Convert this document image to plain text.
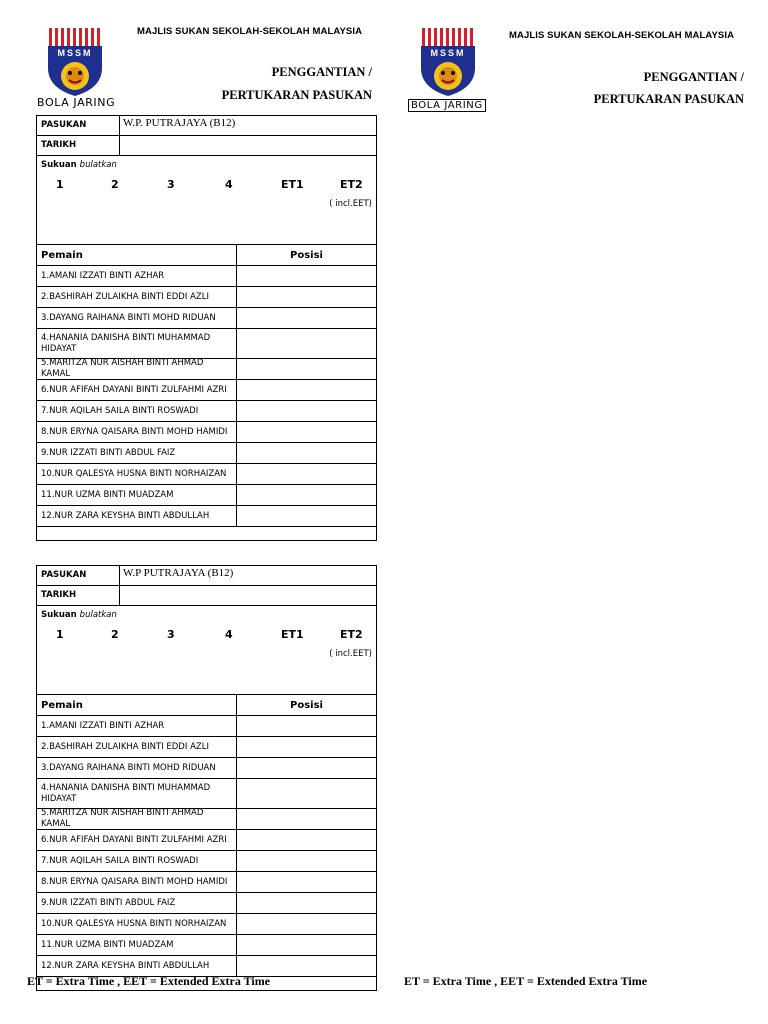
MSSM
BOLA JARING
MAJLIS SUKAN SEKOLAH-SEKOLAH MALAYSIA
PENGGANTIAN /
PERTUKARAN PASUKAN
MSSM
BOLA JARING
MAJLIS SUKAN SEKOLAH-SEKOLAH MALAYSIA
PENGGANTIAN /
PERTUKARAN PASUKAN
PASUKAN	W.P. PUTRAJAYA (B12)
TARIKH
Sukuan bulatkan
1	2	3	4	ET1	ET2
( incl.EET)
Pemain	Posisi
1.AMANI IZZATI BINTI AZHAR
2.BASHIRAH ZULAIKHA BINTI EDDI AZLI
3.DAYANG RAIHANA BINTI MOHD RIDUAN
4.HANANIA DANISHA BINTI MUHAMMAD HIDAYAT
5.MARITZA NUR AISHAH BINTI AHMAD KAMAL
6.NUR AFIFAH DAYANI BINTI ZULFAHMI AZRI
7.NUR AQILAH SAILA BINTI ROSWADI
8.NUR ERYNA QAISARA BINTI MOHD HAMIDI
9.NUR IZZATI BINTI ABDUL FAIZ
10.NUR QALESYA HUSNA BINTI NORHAIZAN
11.NUR UZMA BINTI MUADZAM
12.NUR ZARA KEYSHA BINTI ABDULLAH
PASUKAN	W.P PUTRAJAYA (B12)
TARIKH
Sukuan bulatkan
1	2	3	4	ET1	ET2
( incl.EET)
Pemain	Posisi
1.AMANI IZZATI BINTI AZHAR
2.BASHIRAH ZULAIKHA BINTI EDDI AZLI
3.DAYANG RAIHANA BINTI MOHD RIDUAN
4.HANANIA DANISHA BINTI MUHAMMAD HIDAYAT
5.MARITZA NUR AISHAH BINTI AHMAD KAMAL
6.NUR AFIFAH DAYANI BINTI ZULFAHMI AZRI
7.NUR AQILAH SAILA BINTI ROSWADI
8.NUR ERYNA QAISARA BINTI MOHD HAMIDI
9.NUR IZZATI BINTI ABDUL FAIZ
10.NUR QALESYA HUSNA BINTI NORHAIZAN
11.NUR UZMA BINTI MUADZAM
12.NUR ZARA KEYSHA BINTI ABDULLAH
ET = Extra Time , EET = Extended Extra Time	ET = Extra Time , EET = Extended Extra Time
